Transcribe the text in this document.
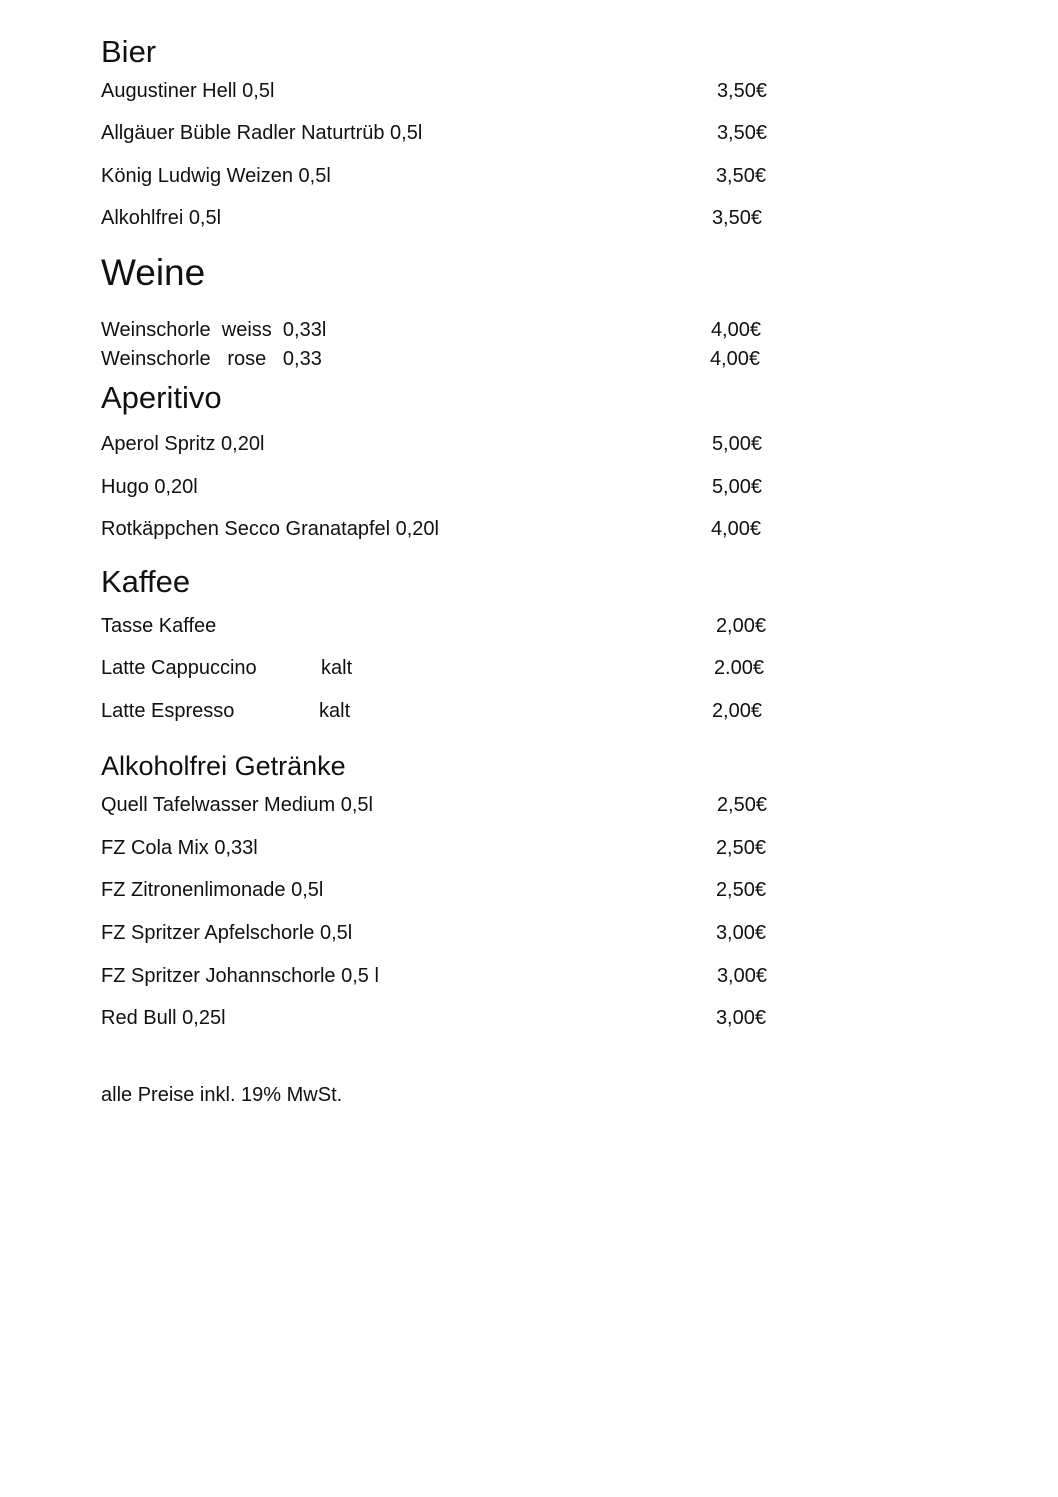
Bier
Augustiner Hell 0,5l	3,50€
Allgäuer Büble Radler Naturtrüb 0,5l	3,50€
König Ludwig Weizen 0,5l	3,50€
Alkohlfrei 0,5l	3,50€
Weine
Weinschorle  weiss  0,33l	4,00€
Weinschorle   rose   0,33	4,00€
Aperitivo
Aperol Spritz 0,20l	5,00€
Hugo 0,20l	5,00€
Rotkäppchen Secco Granatapfel 0,20l	4,00€
Kaffee
Tasse Kaffee	2,00€
Latte Cappuccino	kalt	2.00€
Latte Espresso	kalt	2,00€
Alkoholfrei Getränke
Quell Tafelwasser Medium 0,5l	2,50€
FZ Cola Mix 0,33l	2,50€
FZ Zitronenlimonade 0,5l	2,50€
FZ Spritzer Apfelschorle 0,5l	3,00€
FZ Spritzer Johannschorle 0,5 l	3,00€
Red Bull 0,25l	3,00€
alle Preise inkl. 19% MwSt.
